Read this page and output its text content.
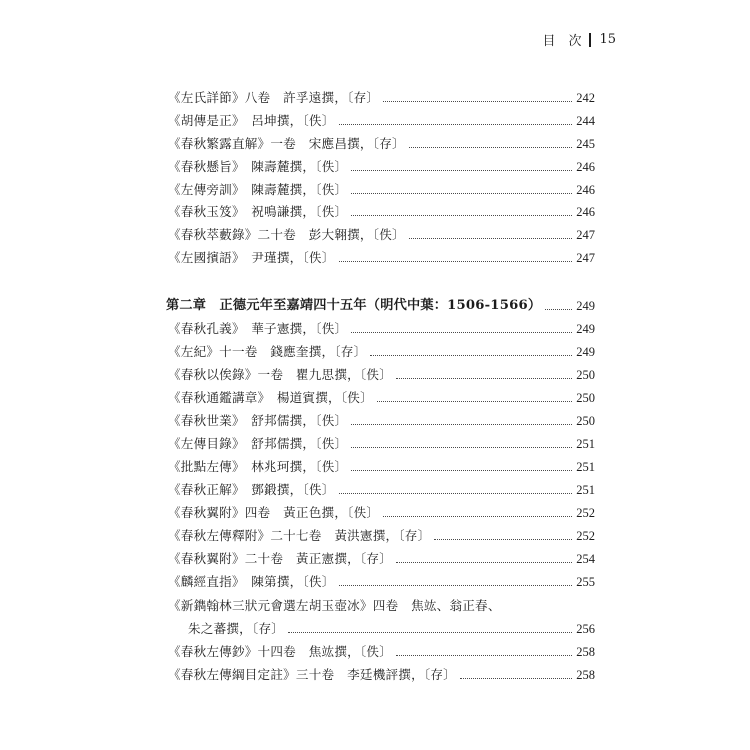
目　次 15
《左氏詳節》八卷　許孚遠撰，〔存〕	242
《胡傳是正》　呂坤撰，〔佚〕	244
《春秋繁露直解》一卷　宋應昌撰，〔存〕	245
《春秋懸旨》　陳壽麓撰，〔佚〕	246
《左傳旁訓》　陳壽麓撰，〔佚〕	246
《春秋玉笈》　祝鳴謙撰，〔佚〕	246
《春秋萃藪錄》二十卷　彭大翱撰，〔佚〕	247
《左國擯語》　尹瑾撰，〔佚〕	247
第二章　正德元年至嘉靖四十五年（明代中葉：1506-1566）	249
《春秋孔義》　華子憲撰，〔佚〕	249
《左紀》十一卷　錢應奎撰，〔存〕	249
《春秋以俟錄》一卷　瞿九思撰，〔佚〕	250
《春秋通鑑講章》　楊道賓撰，〔佚〕	250
《春秋世業》　舒邦儒撰，〔佚〕	250
《左傳目錄》　舒邦儒撰，〔佚〕	251
《批點左傳》　林兆珂撰，〔佚〕	251
《春秋正解》　鄧鍛撰，〔佚〕	251
《春秋翼附》四卷　黃正色撰，〔佚〕	252
《春秋左傳釋附》二十七卷　黃洪憲撰，〔存〕	252
《春秋翼附》二十卷　黃正憲撰，〔存〕	254
《麟經直指》　陳第撰，〔佚〕	255
《新鐫翰林三狀元會選左胡玉壺冰》四卷　焦竑、翁正春、
朱之蕃撰，〔存〕	256
《春秋左傳鈔》十四卷　焦竑撰，〔佚〕	258
《春秋左傳綱目定註》三十卷　李廷機評撰，〔存〕	258
